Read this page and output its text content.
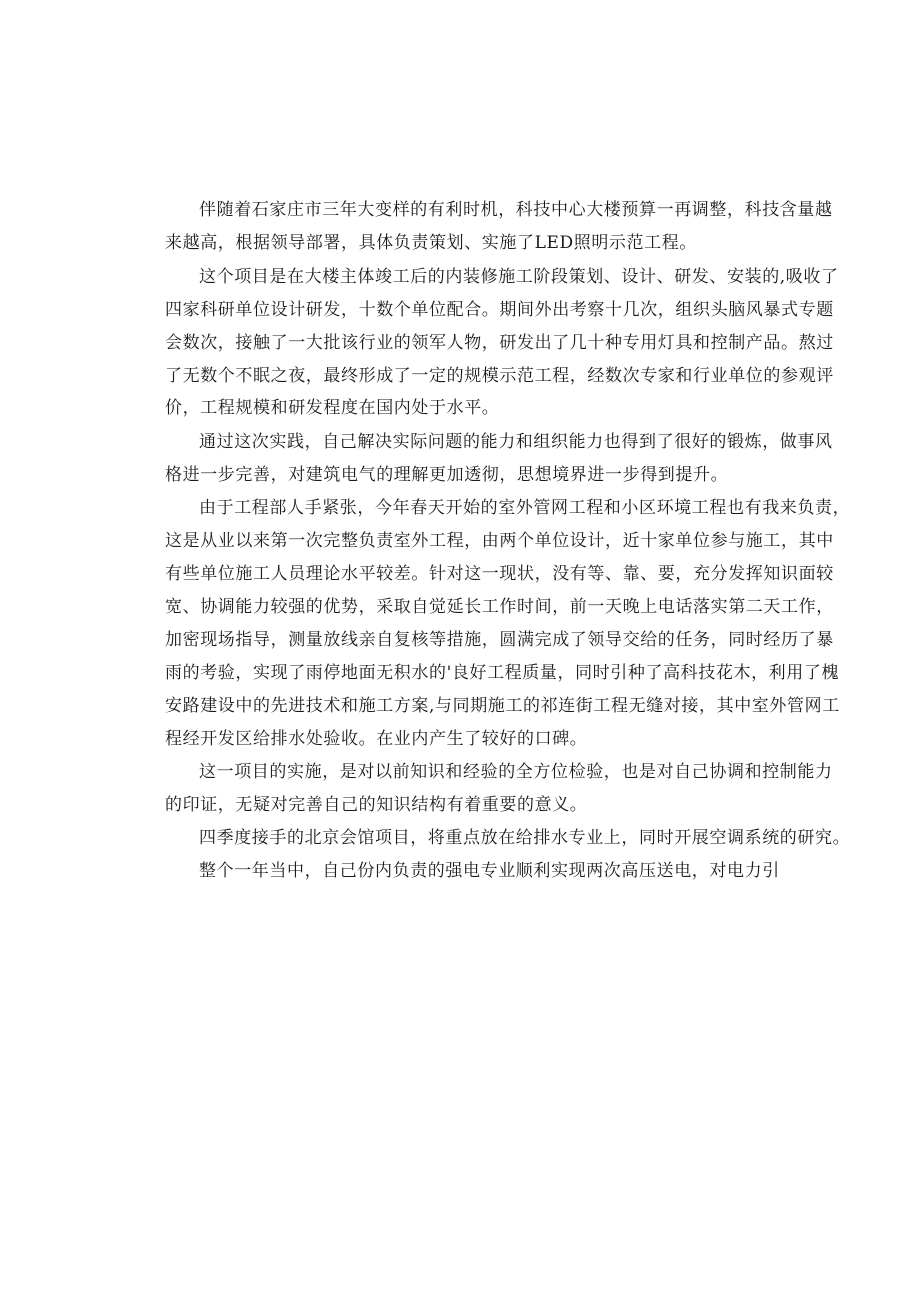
伴随着石家庄市三年大变样的有利时机，科技中心大楼预算一再调整，科技含量越
来越高，根据领导部署，具体负责策划、实施了LED照明示范工程。
这个项目是在大楼主体竣工后的内装修施工阶段策划、设计、研发、安装的,吸收了
四家科研单位设计研发，十数个单位配合。期间外出考察十几次，组织头脑风暴式专题
会数次，接触了一大批该行业的领军人物，研发出了几十种专用灯具和控制产品。熬过
了无数个不眠之夜，最终形成了一定的规模示范工程，经数次专家和行业单位的参观评
价，工程规模和研发程度在国内处于水平。
通过这次实践，自己解决实际问题的能力和组织能力也得到了很好的锻炼，做事风
格进一步完善，对建筑电气的理解更加透彻，思想境界进一步得到提升。
由于工程部人手紧张，今年春天开始的室外管网工程和小区环境工程也有我来负责，
这是从业以来第一次完整负责室外工程，由两个单位设计，近十家单位参与施工，其中
有些单位施工人员理论水平较差。针对这一现状，没有等、靠、要，充分发挥知识面较
宽、协调能力较强的优势，采取自觉延长工作时间，前一天晚上电话落实第二天工作，
加密现场指导，测量放线亲自复核等措施，圆满完成了领导交给的任务，同时经历了暴
雨的考验，实现了雨停地面无积水的'良好工程质量，同时引种了高科技花木，利用了槐
安路建设中的先进技术和施工方案,与同期施工的祁连街工程无缝对接，其中室外管网工
程经开发区给排水处验收。在业内产生了较好的口碑。
这一项目的实施，是对以前知识和经验的全方位检验，也是对自己协调和控制能力
的印证，无疑对完善自己的知识结构有着重要的意义。
四季度接手的北京会馆项目，将重点放在给排水专业上，同时开展空调系统的研究。
整个一年当中，自己份内负责的强电专业顺利实现两次高压送电，对电力引
